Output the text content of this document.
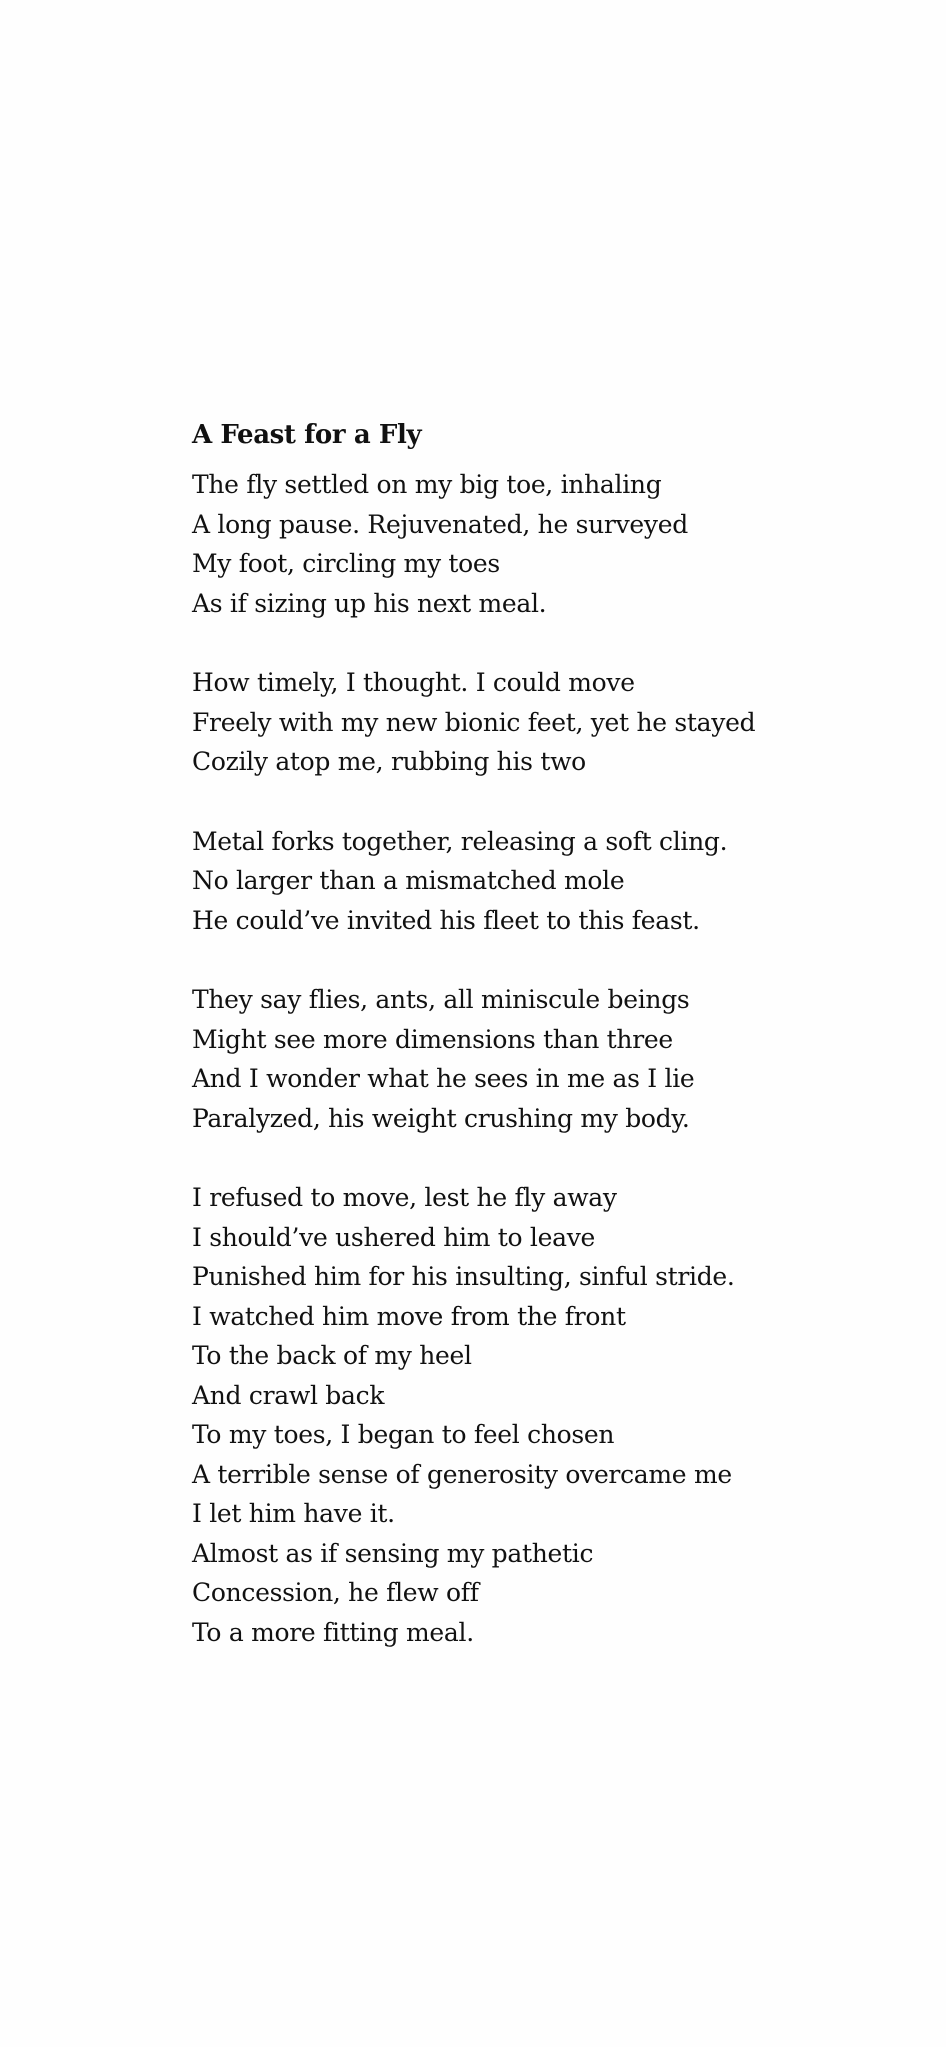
A Feast for a Fly
The fly settled on my big toe, inhaling
A long pause. Rejuvenated, he surveyed
My foot, circling my toes
As if sizing up his next meal.
How timely, I thought. I could move
Freely with my new bionic feet, yet he stayed
Cozily atop me, rubbing his two
Metal forks together, releasing a soft cling.
No larger than a mismatched mole
He could’ve invited his fleet to this feast.
They say flies, ants, all miniscule beings
Might see more dimensions than three
And I wonder what he sees in me as I lie
Paralyzed, his weight crushing my body.
I refused to move, lest he fly away
I should’ve ushered him to leave
Punished him for his insulting, sinful stride.
I watched him move from the front
To the back of my heel
And crawl back
To my toes, I began to feel chosen
A terrible sense of generosity overcame me
I let him have it.
Almost as if sensing my pathetic
Concession, he flew off
To a more fitting meal.
